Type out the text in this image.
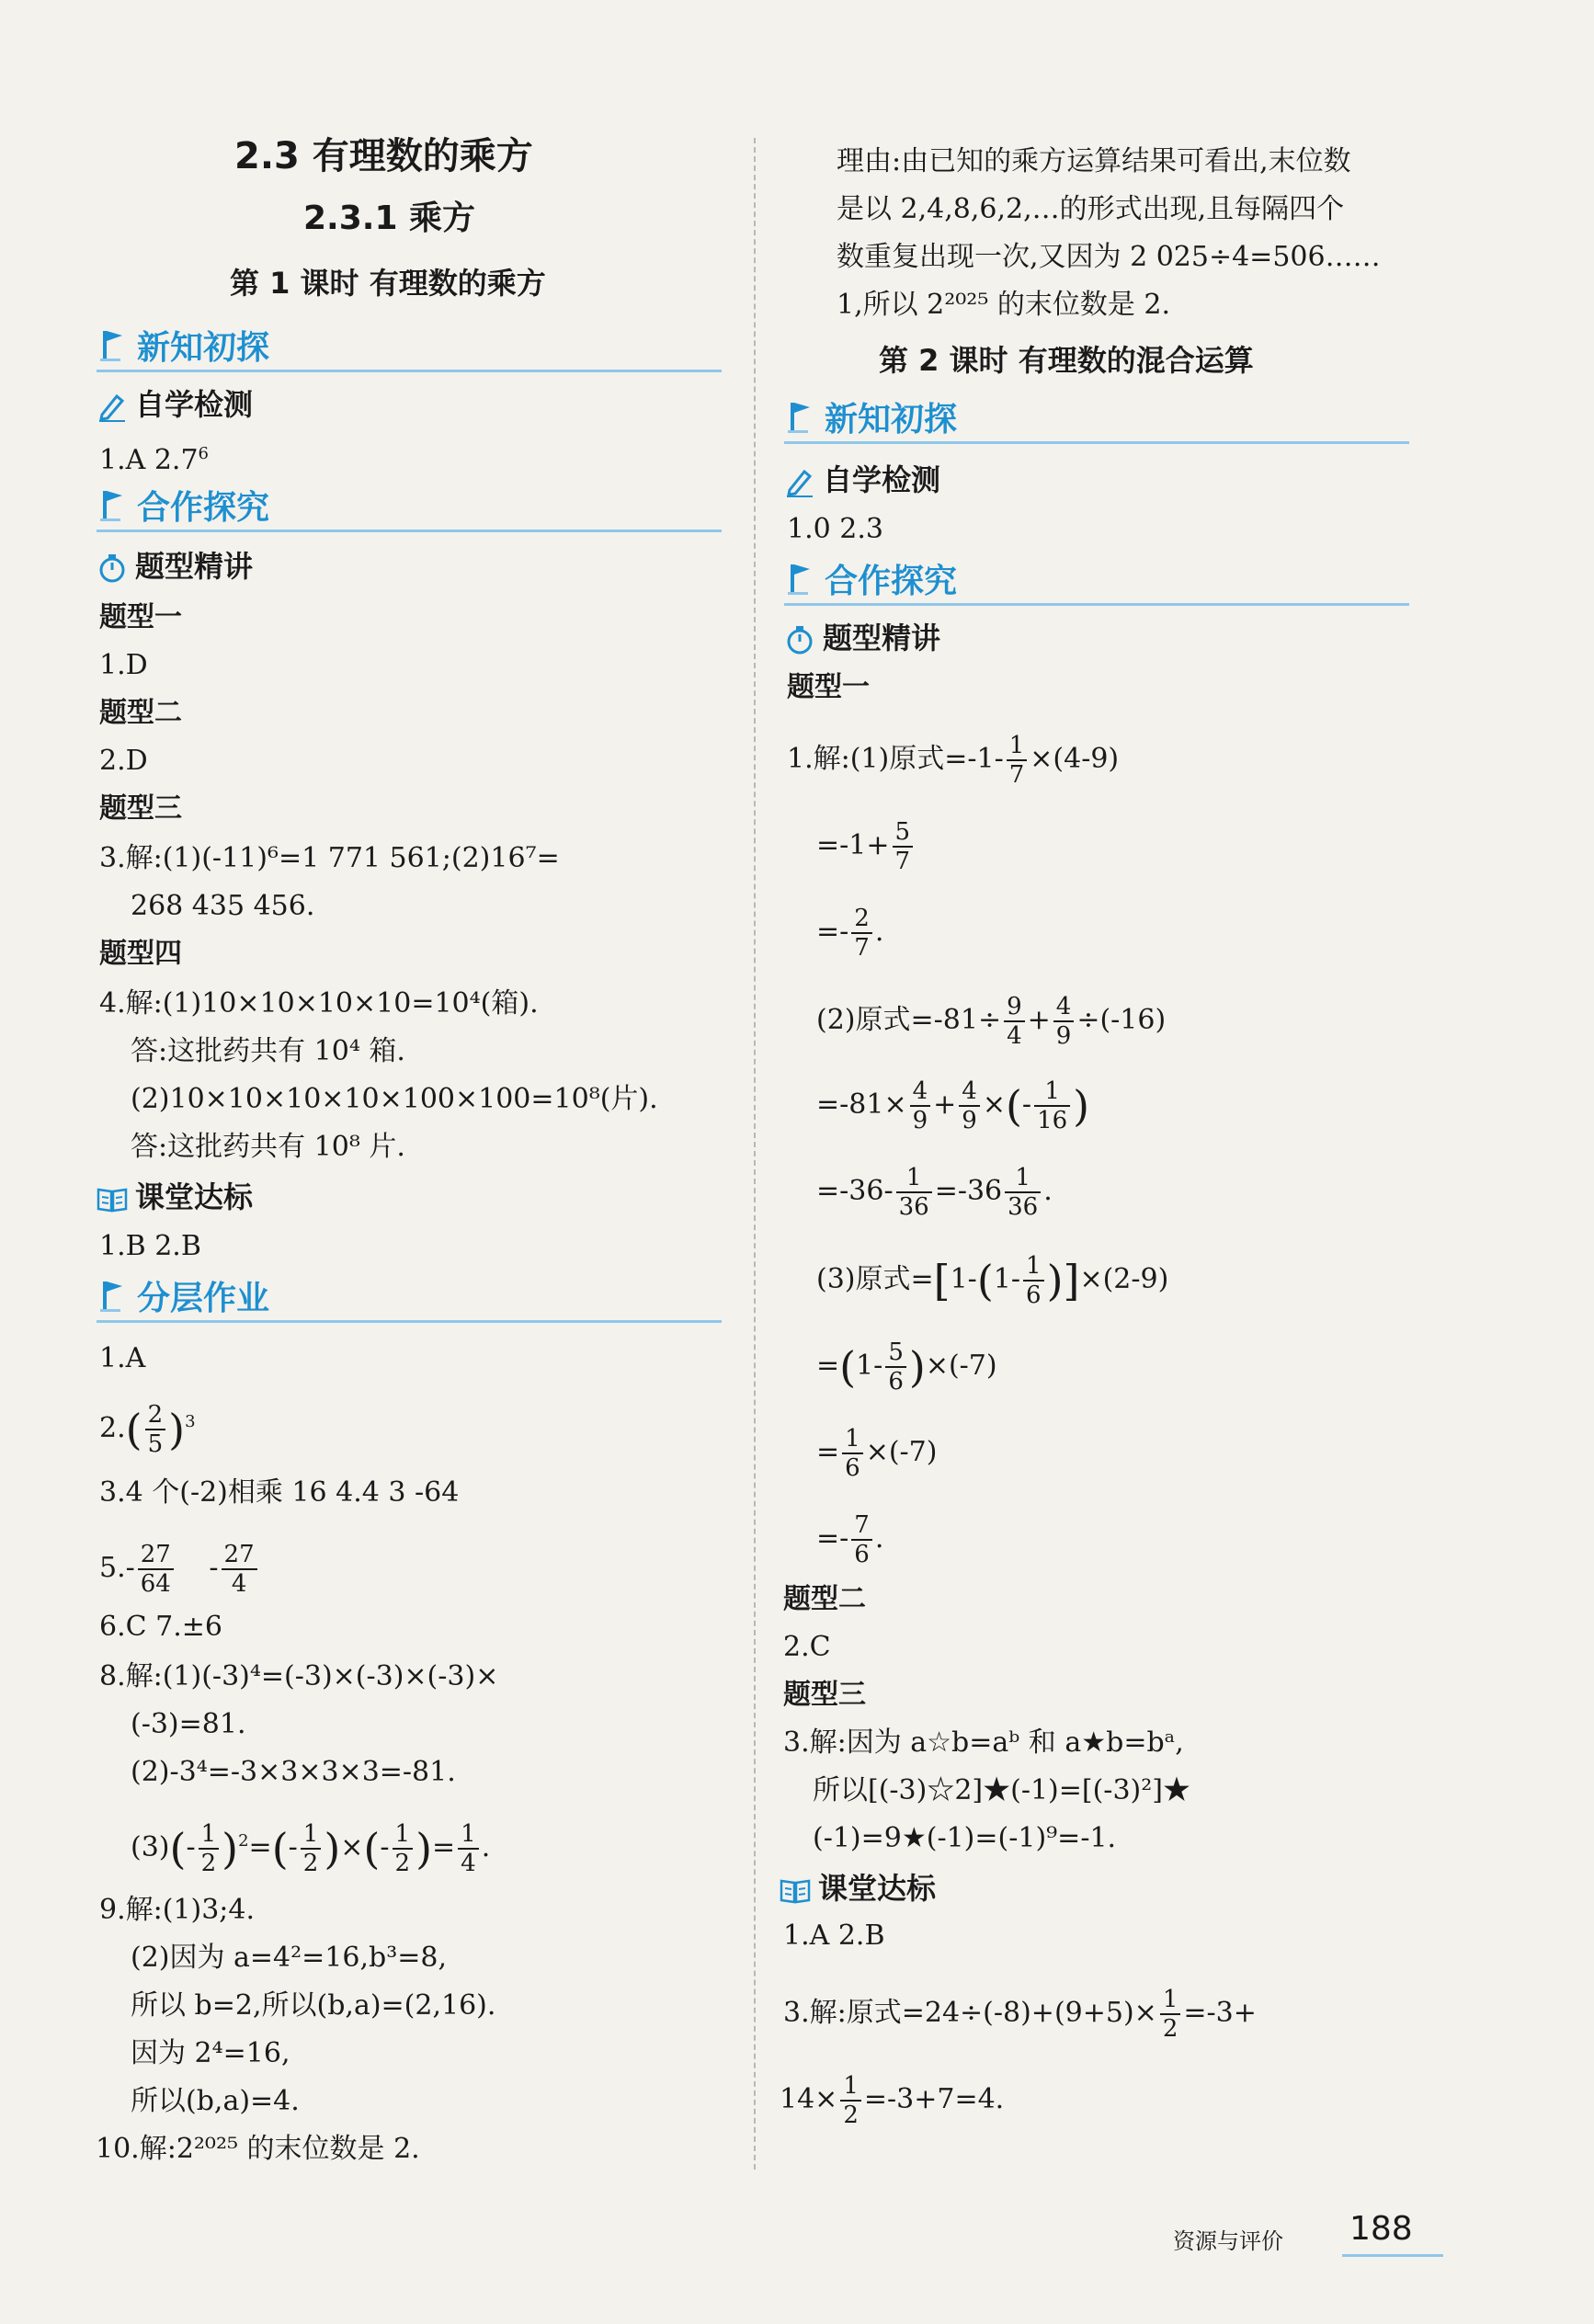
2.3 有理数的乘方
2.3.1 乘方
第 1 课时 有理数的乘方
新知初探
自学检测
1.A $2.7^6$
合作探究
题型精讲
题型一
1.D
题型二
2.D
题型三
3.解:(1)(-11)⁶=1 771 561;(2)16⁷=
268 435 456.
题型四
4.解:(1)10×10×10×10=10⁴(箱).
答:这批药共有 10⁴ 箱.
(2)10×10×10×10×100×100=10⁸(片).
答:这批药共有 10⁸ 片.
课堂达标
1.B 2.B
分层作业
1.A
$2.( \frac{2}{5} )^3$
3.4 个(-2)相乘 16 4.4 3 -64
$5.- \frac{27}{64} - \frac{27}{4}$
6.C 7.±6
8.解:(1)(-3)⁴=(-3)×(-3)×(-3)×
(-3)=81.
(2)-3⁴=-3×3×3×3=-81.
$(3)(- \frac{1}{2} )^2=(- \frac{1}{2}$ )×(- $\frac{1}{2}$ )= $\frac{1}{4}$ .
9.解:(1)3;4.
(2)因为 a=4²=16,b³=8,
所以 b=2,所以(b,a)=(2,16).
因为 2⁴=16,
所以(b,a)=4.
10.解:2²⁰²⁵ 的末位数是 2.
理由:由已知的乘方运算结果可看出,末位数
是以 2,4,8,6,2,…的形式出现,且每隔四个
数重复出现一次,又因为 2 025÷4=506……
1,所以 2²⁰²⁵ 的末位数是 2.
第 2 课时 有理数的混合运算
新知初探
自学检测
1.0 2.3
合作探究
题型精讲
题型一
1.解:(1)原式$=-1- \frac{1}{7} \times(4-9)$
$=-1+ \frac{5}{7}$
=- $\frac{2}{7}$ .
(2)原式$=-81\div \frac{9}{4} + \frac{4}{9} \div(-16)$
$=-81\times \frac{4}{9} + \frac{4}{9}$ ×(- $\frac{1}{16}$ )
$=-36- \frac{1}{36} =-36 \frac{1}{36}$ .
(3)原式$=[1-(1- \frac{1}{6} )]\times(2-9)$
$=(1- \frac{5}{6} )\times(-7)$
= $\frac{1}{6} \times(-7)$
=- $\frac{7}{6}$ .
题型二
2.C
题型三
3.解:因为 a☆b=aᵇ 和 a★b=bᵃ,
所以[(-3)☆2]★(-1)=[(-3)²]★
(-1)=9★(-1)=(-1)⁹=-1.
课堂达标
1.A 2.B
3.解:原式$=24\div(-8)+(9+5)\times \frac{1}{2} =-3+$
$14\times \frac{1}{2} =-3+7=4$.
资源与评价 188
